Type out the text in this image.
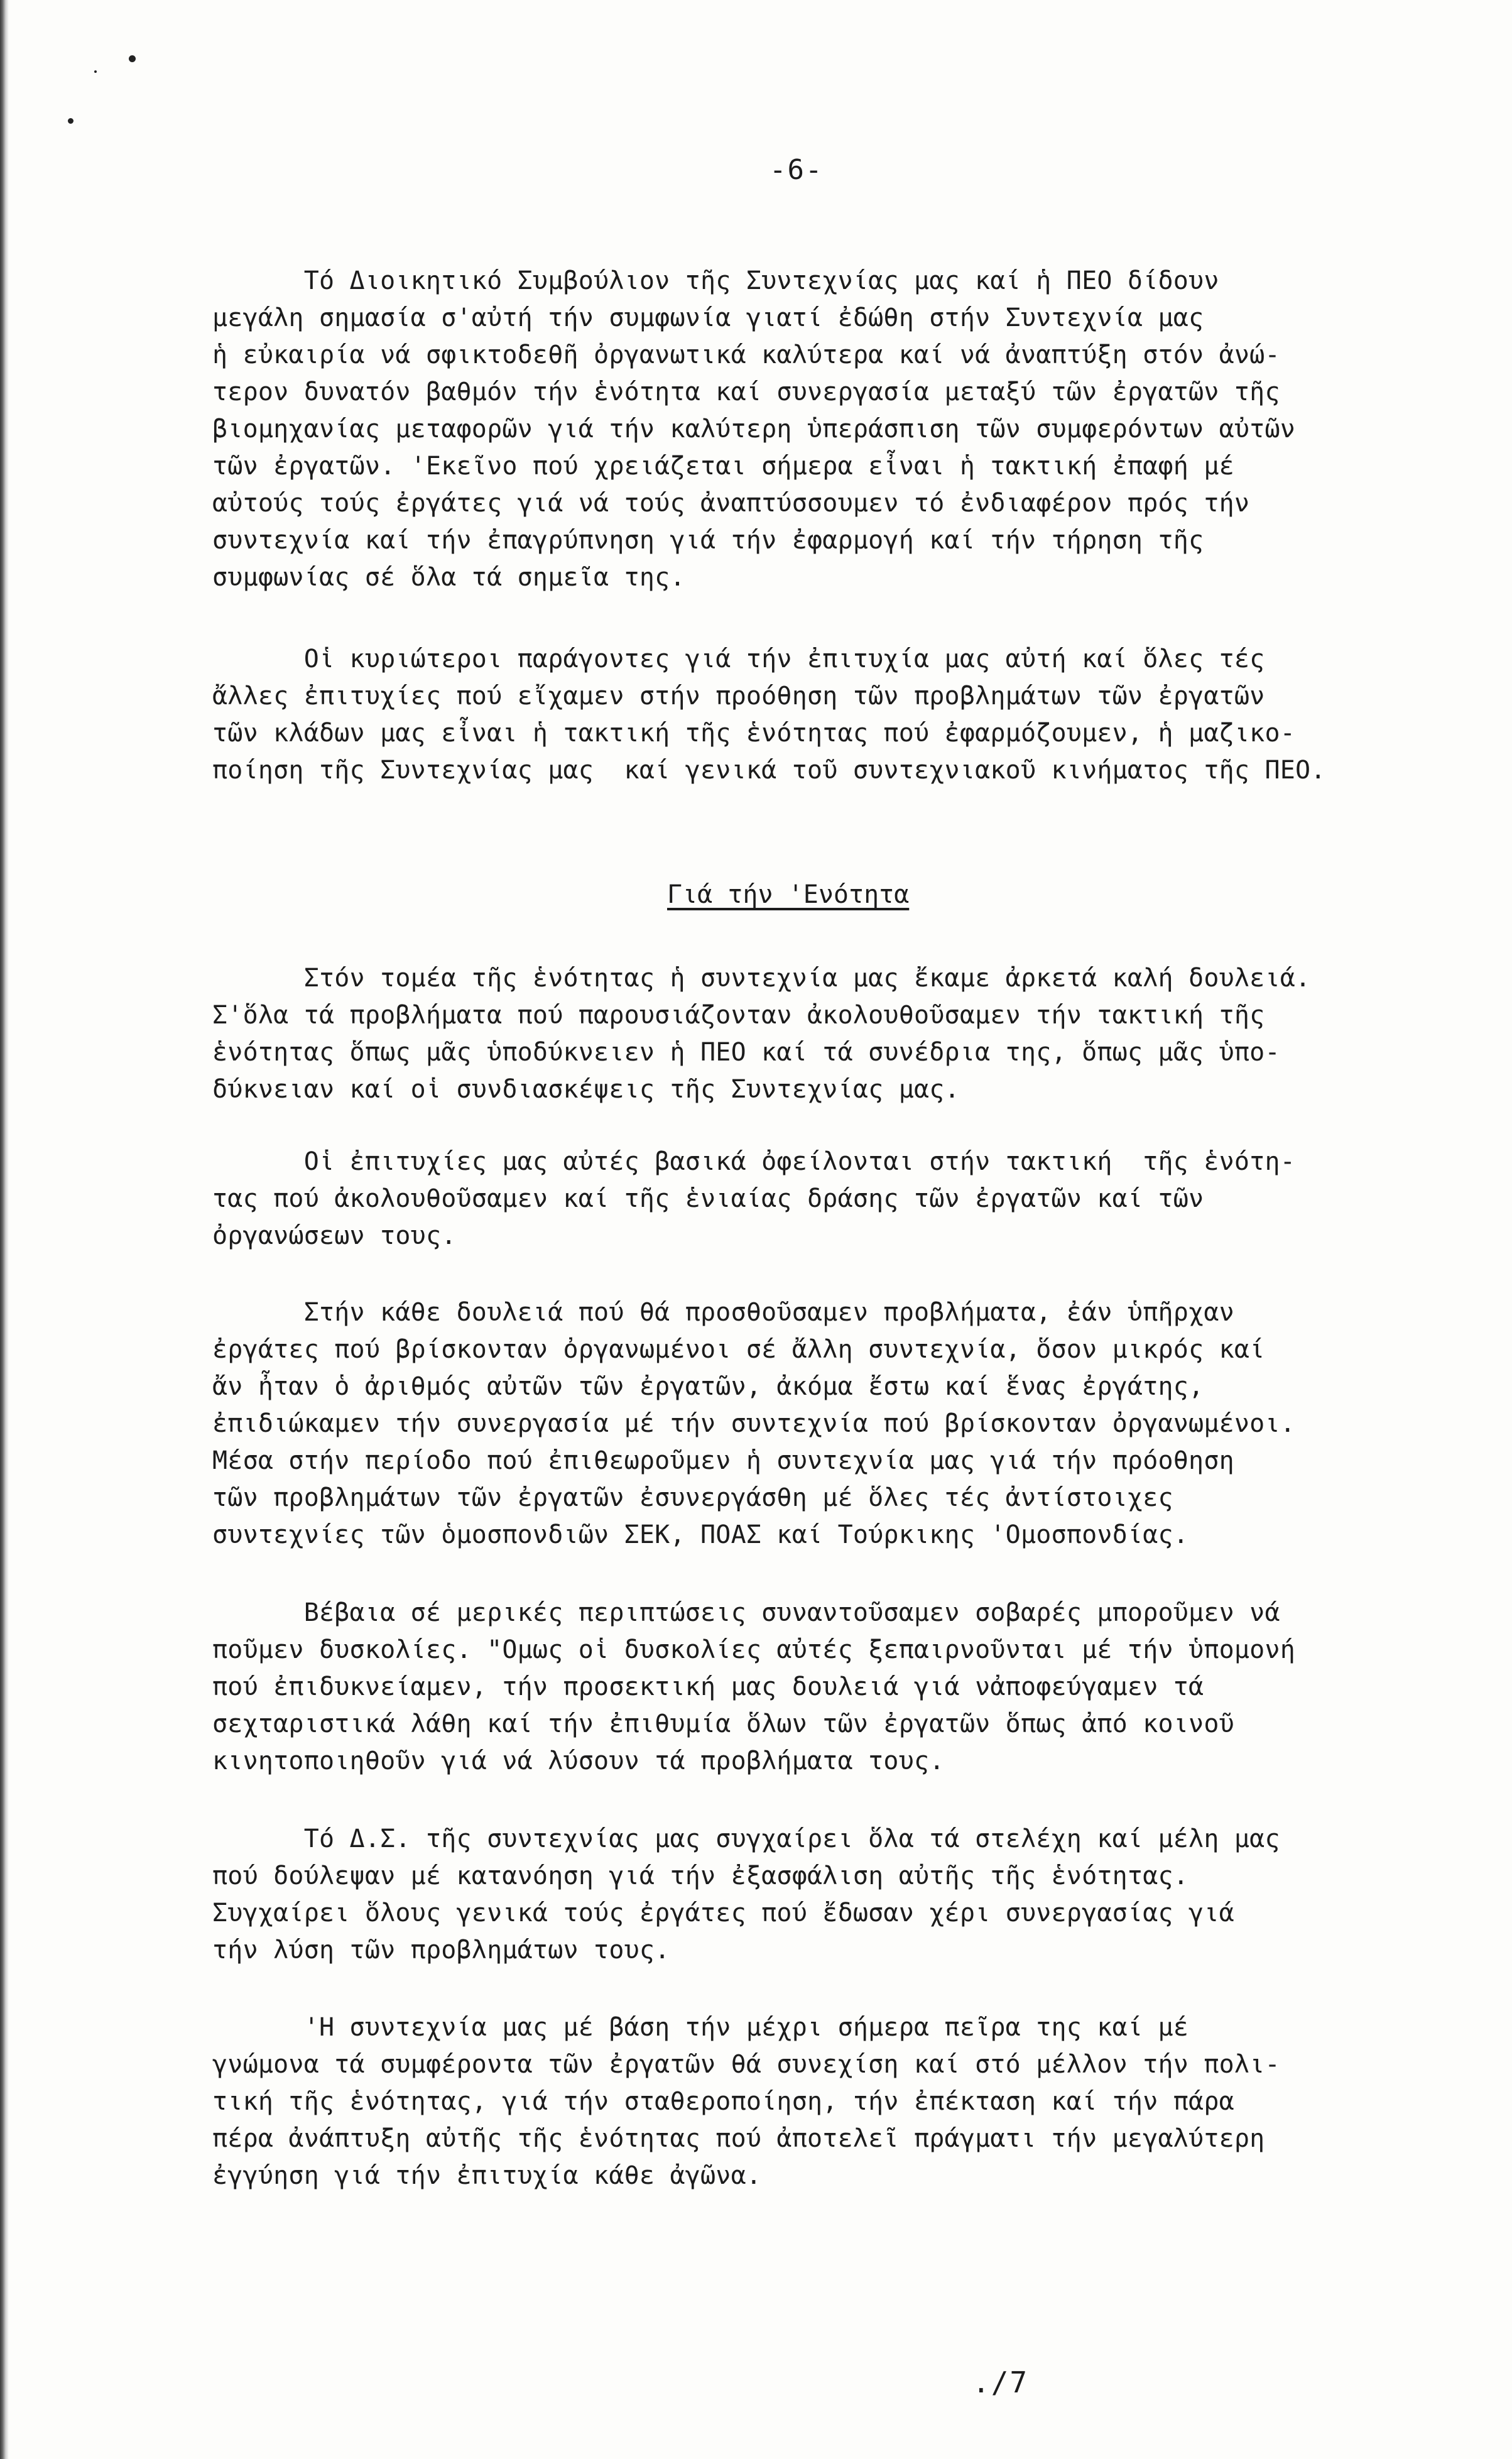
-6-
Τό Διοικητικό Συμβούλιον τῆς Συντεχνίας μας καί ἡ ΠΕΟ δίδουν
μεγάλη σημασία σ'αὐτή τήν συμφωνία γιατί ἐδώθη στήν Συντεχνία μας
ἡ εὐκαιρία νά σφικτοδεθῆ ὀργανωτικά καλύτερα καί νά ἀναπτύξη στόν ἀνώ-
τερον δυνατόν βαθμόν τήν ἑνότητα καί συνεργασία μεταξύ τῶν ἐργατῶν τῆς
βιομηχανίας μεταφορῶν γιά τήν καλύτερη ὑπεράσπιση τῶν συμφερόντων αὐτῶν
τῶν ἐργατῶν. 'Εκεῖνο πού χρειάζεται σήμερα εἶναι ἡ τακτική ἐπαφή μέ
αὐτούς τούς ἐργάτες γιά νά τούς ἀναπτύσσουμεν τό ἐνδιαφέρον πρός τήν
συντεχνία καί τήν ἐπαγρύπνηση γιά τήν ἐφαρμογή καί τήν τήρηση τῆς
συμφωνίας σέ ὅλα τά σημεῖα της.
Οἱ κυριώτεροι παράγοντες γιά τήν ἐπιτυχία μας αὐτή καί ὅλες τές
ἄλλες ἐπιτυχίες πού εἴχαμεν στήν προόθηση τῶν προβλημάτων τῶν ἐργατῶν
τῶν κλάδων μας εἶναι ἡ τακτική τῆς ἑνότητας πού ἐφαρμόζουμεν, ἡ μαζικο-
ποίηση τῆς Συντεχνίας μας  καί γενικά τοῦ συντεχνιακοῦ κινήματος τῆς ΠΕΟ.
Γιά τήν 'Ενότητα
Στόν τομέα τῆς ἑνότητας ἡ συντεχνία μας ἔκαμε ἀρκετά καλή δουλειά.
Σ'ὅλα τά προβλήματα πού παρουσιάζονταν ἀκολουθοῦσαμεν τήν τακτική τῆς
ἑνότητας ὅπως μᾶς ὑποδύκνειεν ἡ ΠΕΟ καί τά συνέδρια της, ὅπως μᾶς ὑπο-
δύκνειαν καί οἱ συνδιασκέψεις τῆς Συντεχνίας μας.
Οἱ ἐπιτυχίες μας αὐτές βασικά ὀφείλονται στήν τακτική  τῆς ἑνότη-
τας πού ἀκολουθοῦσαμεν καί τῆς ἑνιαίας δράσης τῶν ἐργατῶν καί τῶν
ὀργανώσεων τους.
Στήν κάθε δουλειά πού θά προσθοῦσαμεν προβλήματα, ἐάν ὑπῆρχαν
ἐργάτες πού βρίσκονταν ὀργανωμένοι σέ ἄλλη συντεχνία, ὅσον μικρός καί
ἄν ἦταν ὁ ἀριθμός αὐτῶν τῶν ἐργατῶν, ἀκόμα ἔστω καί ἕνας ἐργάτης,
ἐπιδιώκαμεν τήν συνεργασία μέ τήν συντεχνία πού βρίσκονταν ὀργανωμένοι.
Μέσα στήν περίοδο πού ἐπιθεωροῦμεν ἡ συντεχνία μας γιά τήν πρόοθηση
τῶν προβλημάτων τῶν ἐργατῶν ἐσυνεργάσθη μέ ὅλες τές ἀντίστοιχες
συντεχνίες τῶν ὁμοσπονδιῶν ΣΕΚ, ΠΟΑΣ καί Τούρκικης 'Ομοσπονδίας.
Βέβαια σέ μερικές περιπτώσεις συναντοῦσαμεν σοβαρές μποροῦμεν νά
ποῦμεν δυσκολίες. "Ομως οἱ δυσκολίες αὐτές ξεπαιρνοῦνται μέ τήν ὑπομονή
πού ἐπιδυκνείαμεν, τήν προσεκτική μας δουλειά γιά νἀποφεύγαμεν τά
σεχταριστικά λάθη καί τήν ἐπιθυμία ὅλων τῶν ἐργατῶν ὅπως ἀπό κοινοῦ
κινητοποιηθοῦν γιά νά λύσουν τά προβλήματα τους.
Τό Δ.Σ. τῆς συντεχνίας μας συγχαίρει ὅλα τά στελέχη καί μέλη μας
πού δούλεψαν μέ κατανόηση γιά τήν ἐξασφάλιση αὐτῆς τῆς ἑνότητας.
Συγχαίρει ὅλους γενικά τούς ἐργάτες πού ἔδωσαν χέρι συνεργασίας γιά
τήν λύση τῶν προβλημάτων τους.
'Η συντεχνία μας μέ βάση τήν μέχρι σήμερα πεῖρα της καί μέ
γνώμονα τά συμφέροντα τῶν ἐργατῶν θά συνεχίση καί στό μέλλον τήν πολι-
τική τῆς ἑνότητας, γιά τήν σταθεροποίηση, τήν ἐπέκταση καί τήν πάρα
πέρα ἀνάπτυξη αὐτῆς τῆς ἑνότητας πού ἀποτελεῖ πράγματι τήν μεγαλύτερη
ἐγγύηση γιά τήν ἐπιτυχία κάθε ἀγῶνα.
./7
